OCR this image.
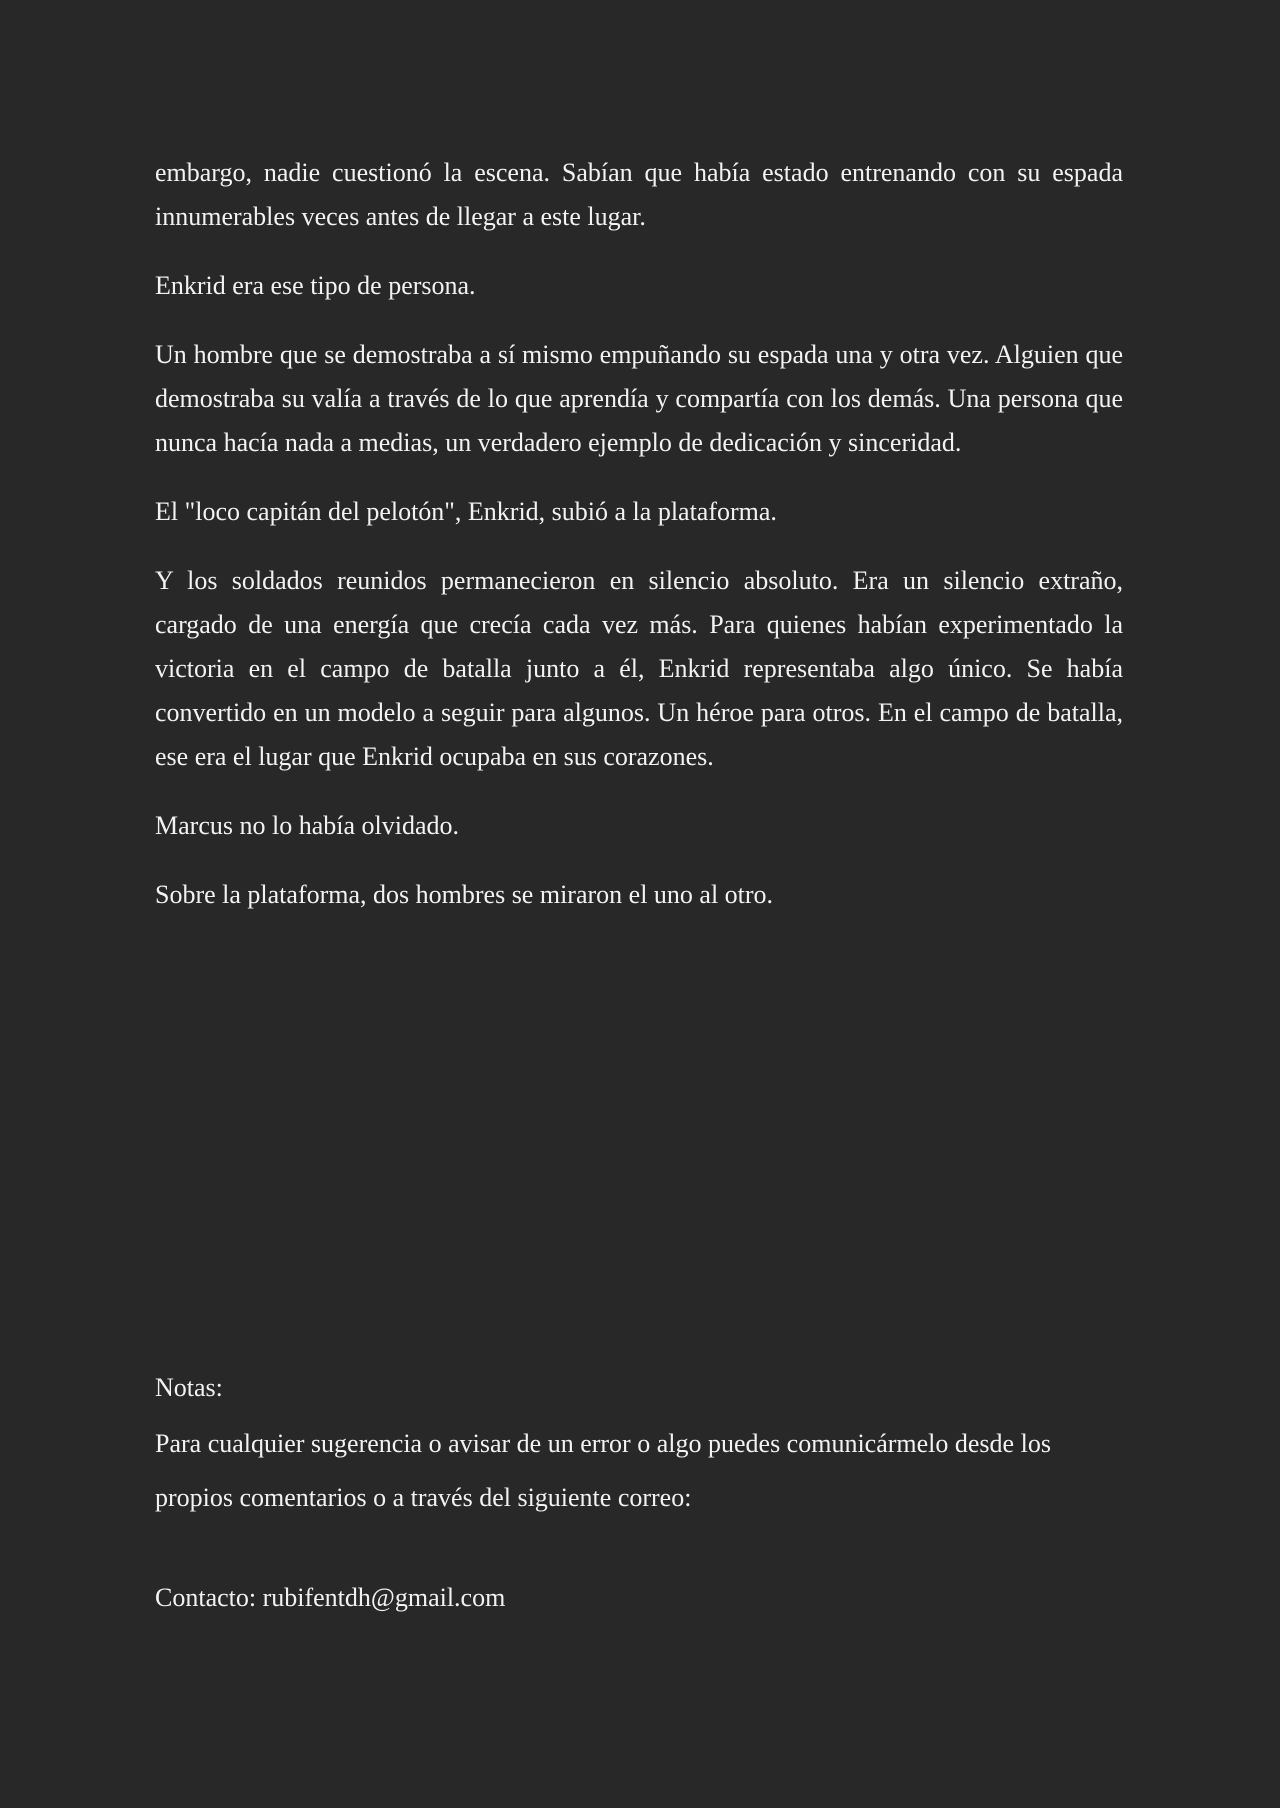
embargo, nadie cuestionó la escena. Sabían que había estado entrenando con su espada innumerables veces antes de llegar a este lugar.

Enkrid era ese tipo de persona.

Un hombre que se demostraba a sí mismo empuñando su espada una y otra vez. Alguien que demostraba su valía a través de lo que aprendía y compartía con los demás. Una persona que nunca hacía nada a medias, un verdadero ejemplo de dedicación y sinceridad.

El "loco capitán del pelotón", Enkrid, subió a la plataforma.

Y los soldados reunidos permanecieron en silencio absoluto. Era un silencio extraño, cargado de una energía que crecía cada vez más. Para quienes habían experimentado la victoria en el campo de batalla junto a él, Enkrid representaba algo único. Se había convertido en un modelo a seguir para algunos. Un héroe para otros. En el campo de batalla, ese era el lugar que Enkrid ocupaba en sus corazones.

Marcus no lo había olvidado.

Sobre la plataforma, dos hombres se miraron el uno al otro.

Notas:

Para cualquier sugerencia o avisar de un error o algo puedes comunicármelo desde los propios comentarios o a través del siguiente correo:

Contacto: rubifentdh@gmail.com
